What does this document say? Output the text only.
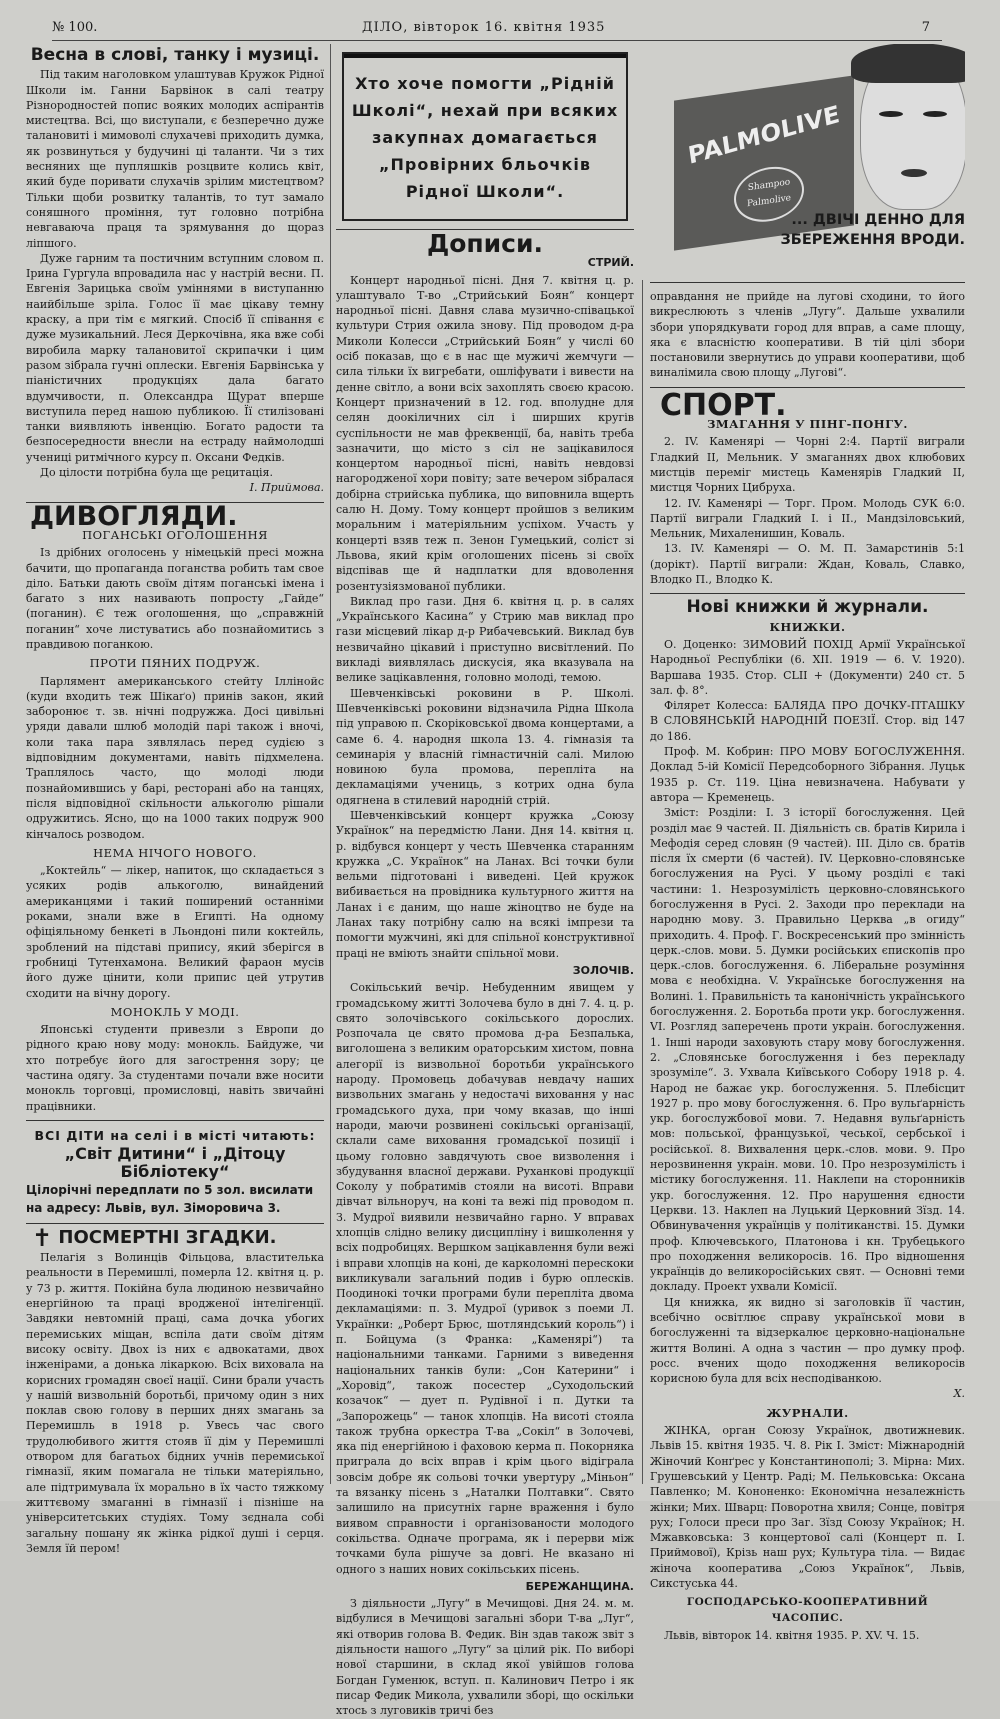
№ 100.	ДІЛО, вівторок 16. квітня 1935	7
Весна в слові, танку і музиці.

Під таким наголовком улаштував Кружок Рідної Школи ім. Ганни Барвінок в салі театру Різнородностей попис вояких молодих аспірантів мистецтва. Всі, що виступали, є безперечно дуже талановиті і мимоволі слухачеві приходить думка, як розвинуться у будучині ці таланти. Чи з тих весняних ще пупляшків розцвите колись квіт, який буде поривати слухачів зрілим мистецтвом? Тільки щоби розвитку талантів, то тут замало соняшного проміння, тут головно потрібна невгаваюча праця та зрямування до щораз ліпшого.

Дуже гарним та постичним вступним словом п. Ірина Гургула впровадила нас у настрій весни. П. Евгенія Зарицька своїм уміннями в виступанню наийбільше зріла. Голос її має цікаву темну краску, а при тім є мягкий. Спосіб її співання є дуже музикальний. Леся Деркочівна, яка вже собі виробила марку талановитої скрипачки і цим разом зібрала гучні оплески. Евгенія Барвінська у піаністичних продукціях дала багато вдумчивости, п. Олександра Щурат вперше виступила перед нашою публикою. Її стилізовані танки виявляють інвенцію. Богато радости та безпосередности внесли на естраду наймолодші учениці ритмічного курсу п. Оксани Федків.

До цілости потрібна була ще рецитація.

І. Приймова.
ДИВОГЛЯДИ.
ПОГАНСЬКІ ОГОЛОШЕННЯ

Із дрібних оголосень у німецькій пресі можна бачити, що пропаганда поганства робить там свое діло. Батьки дають своїм дітям поганські імена і багато з них називають попросту „Гайде“ (поганин). Є теж оголошення, що „справжній поганин“ хоче листуватись або познайомитись з правдивою поганкою.

ПРОТИ ПЯНИХ ПОДРУЖ.

Парлямент американського стейту Іллінойс (куди входить теж Шікаґо) принів закон, який заборонює т. зв. нічні подружжа. Досі цивільні уряди давали шлюб молодій парі також і вночі, коли така пара зявлялась перед судією з відповідним документами, навіть підхмелена. Траплялось часто, що молоді люди познайомившись у барі, ресторані або на танцях, після відповідної скільности алькоголю рішали одружитись. Ясно, що на 1000 таких подруж 900 кінчалось розводом.

НЕМА НІЧОГО НОВОГО.

„Коктейль“ — лікер, напиток, що складається з усяких родів алькоголю, винайдений американцями і такий поширений останніми роками, знали вже в Египті. На одному офіціяльному бенкеті в Льондоні пили коктейль, зроблений на підставі припису, який зберігся в гробниці Тутенхамона. Великий фараон мусів його дуже цінити, коли припис цей утрутив сходити на вічну дорогу.

МОНОКЛЬ У МОДІ.

Японські студенти привезли з Европи до рідного краю нову моду: монокль. Байдуже, чи хто потребує його для загострення зору; це частина одягу. За студентами почали вже носити монокль торговці, промисловці, навіть звичайні працівники.

ВСІ ДІТИ на селі і в місті читають:
„Світ Дитини“ і „Дітоцу Бібліотеку“
Цілорічні передплати по 5 зол. висилати
на адресу: Львів, вул. Зіморовича 3.
✝ ПОСМЕРТНІ ЗГАДКИ.

Пелагія з Волинців Фільцова, властителька реальности в Перемишлі, померла 12. квітня ц. р. у 73 р. життя. Покійна була людиною незвичайно енергійною та праці вродженої інтелігенції. Завдяки невтомній праці, сама дочка убогих перемиських міщан, вспіла дати своїм дітям високу освіту. Двох із них є адвокатами, двох інженірами, а донька лікаркою. Всіх виховала на корисних громадян своєї нації. Сини брали участь у нашій визвольній боротьбі, причому один з них поклав свою голову в перших днях змагань за Перемишль в 1918 р. Увесь час свого трудолюбивого життя стояв її дім у Перемишлі отвором для багатьох бідних учнів перемиської гімназії, яким помагала не тільки матеріяльно, але підтримувала їх морально в їх часто тяжкому життєвому змаганні в гімназії і пізніше на університетських студіях. Тому зєднала собі загальну пошану як жінка рідкої душі і серця. Земля їй пером!

Хто хоче помогти „Рідній
Школі“, нехай при всяких
закупнах домагається
„Провірних бльочків
Рідної Школи“.
Дописи.
СТРИЙ.

Концерт народньої пісні. Дня 7. квітня ц. р. улаштувало Т-во „Стрийський Боян“ концерт народньої пісні. Давня слава музично-співацької культури Стрия ожила знову. Під проводом д-ра Миколи Колесси „Стрийський Боян“ у числі 60 осіб показав, що є в нас ще мужичі жемчуги — сила тільки їх вигребати, ошліфувати і вивести на денне світло, а вони всіх захоплять своєю красою. Концерт призначений в 12. год. вполудне для селян доокіличних сіл і ширших кругів суспільности не мав фреквенції, ба, навіть треба зазначити, що місто з сіл не зацікавилося концертом народньої пісні, навіть невдовзі нагородженої хори повіту; зате вечером зібралася добірна стрийська публика, що виповнила вщерть салю Н. Дому. Тому концерт пройшов з великим моральним і матеріяльним успіхом. Участь у концерті взяв теж п. Зенон Гумецький, соліст зі Львова, який крім оголошених пісень зі своїх відспівав ще й надплатки для вдоволення розентузіязмованої публики.

Виклад про гази. Дня 6. квітня ц. р. в салях „Українського Касина“ у Стрию мав виклад про гази місцевий лікар д-р Рибачевський. Виклад був незвичайно цікавий і приступно висвітлений. По викладі виявлялась дискусія, яка вказувала на велике зацікавлення, головно молоді, темою.

Шевченківські роковини в Р. Школі. Шевченківські роковини відзначила Рідна Школа під управою п. Скоріковської двома концертами, а саме 6. 4. народня школа 13. 4. гімназія та семинарія у власній гімнастичній салі. Милою новиною була промова, перепліта на декламаціями учениць, з котрих одна була одягнена в стилевий народній стрій.

Шевченківський концерт кружка „Союзу Українок“ на передмістю Лани. Дня 14. квітня ц. р. відбувся концерт у честь Шевченка старанням кружка „С. Українок“ на Ланах. Всі точки були вельми підготовані і виведені. Цей кружок вибивається на провідника культурного життя на Ланах і є даним, що наше жіноцтво не буде на Ланах таку потрібну салю на всякі імпрези та помогти мужчині, які для спільної конструктивної праці не вміють знайти спільної мови.

ЗОЛОЧІВ.

Сокільський вечір. Небуденним явищем у громадському житті Золочева було в дні 7. 4. ц. р. свято золочівського сокільського дорослих. Розпочала це свято промова д-ра Безпалька, виголошена з великим ораторським хистом, повна алегорії із визвольної боротьби українського народу. Промовець добачував невдачу наших визвольних змагань у недостачі виховання у нас громадського духа, при чому вказав, що інші народи, маючи розвинені сокільські організації, склали саме виховання громадської позиції і цьому головно завдячують свое визволення і збудування власної держави. Руханкові продукції Соколу у побратимів стояли на висоті. Вправи дівчат вільноруч, на коні та вежі під проводом п. З. Мудрої виявили незвичайно гарно. У вправах хлопців слідно велику дисципліну і вишколення у всіх подробицях. Вершком зацікавлення були вежі і вправи хлопців на коні, де карколомні перескоки викликували загальний подив і бурю оплесків. Поодинокі точки програми були перепліта двома декламаціями: п. З. Мудрої (уривок з поеми Л. Українки: „Роберт Брюс, шотляндський король“) і п. Бойцума (з Франка: „Каменярі“) та національними танками. Гарними з виведення національних танків були: „Сон Катерини“ і „Хоровід“, також посестер „Суходольский козачок“ — дует п. Рудівної і п. Дутки та „Запорожець“ — танок хлопців. На висоті стояла також трубна оркестра Т-ва „Сокіл“ в Золочеві, яка під енергійною і фаховою керма п. Покорняка приграла до всіх вправ і крім цього відіграла зовсім добре як сольові точки увертуру „Міньон“ та вязанку пісень з „Наталки Полтавки“. Свято залишило на присутніх гарне враження і було виявом справности і організованости молодого сокільства. Одначе програма, як і перерви між точками була рішуче за довгі. Не вказано ні одного з наших нових сокільських пісень.

БЕРЕЖАНЩИНА.

З діяльности „Лугу“ в Мечищові. Дня 24. м. м. відбулися в Мечищові загальні збори Т-ва „Луг“, які отворив голова В. Федик. Він здав також звіт з діяльности нашого „Лугу“ за цілий рік. По виборі нової старшини, в склад якої увійшов голова Богдан Гуменюк, вступ. п. Калинович Петро і як писар Федик Микола, ухвалили зборі, що оскільки хтось з луговиків тричі без

PALMOLIVE
Shampoo Palmolive
... ДВІЧІ ДЕННО ДЛЯ
ЗБЕРЕЖЕННЯ ВРОДИ.

оправдання не прийде на лугові сходини, то його викреслюють з членів „Лугу“. Дальше ухвалили збори упорядкувати город для вправ, а саме площу, яка є власністю кооперативи. В тій цілі збори постановили звернутись до управи кооперативи, щоб виналімила свою площу „Лугові“.

СПОРТ.
ЗМАГАННЯ У ПІНГ-ПОНГУ.

2. IV. Каменярі — Чорні 2:4. Партії виграли Гладкий II, Мельник. У змаганнях двох клюбових мистців переміг мистець Каменярів Гладкий II, мистця Чорних Цибруха.

12. IV. Каменярі — Торг. Пром. Молодь СУК 6:0. Партії виграли Гладкий I. і II., Мандзіловський, Мельник, Михаленишин, Коваль.

13. IV. Каменярі — О. М. П. Замарстинів 5:1 (дорікт). Партії виграли: Ждан, Коваль, Славко, Влодко П., Влодко К.

Нові книжки й журнали.
КНИЖКИ.

О. Доценко: ЗИМОВИЙ ПОХІД Армії Української Народньої Республіки (6. XII. 1919 — 6. V. 1920). Варшава 1935. Стор. CLII + (Документи) 240 ст. 5 зал. ф. 8°.

Філярет Колесса: БАЛЯДА ПРО ДОЧКУ-ПТАШКУ В СЛОВЯНСЬКІЙ НАРОДНІЙ ПОЕЗІЇ. Стор. від 147 до 186.

Проф. М. Кобрин: ПРО МОВУ БОГОСЛУЖЕННЯ. Доклад 5-ій Комісії Передсоборного Зібрання. Луцьк 1935 р. Ст. 119. Ціна невизначена. Набувати у автора — Кременець.

Зміст: Розділи: I. З історії богослуження. Цей розділ має 9 частей. II. Діяльність св. братів Кирила і Мефодія серед словян (9 частей). III. Діло св. братів після їх смерти (6 частей). IV. Церковно-словянське богослужения на Русі. У цьому розділі є такі частини: 1. Незрозумілість церковно-словянського богослуження в Русі. 2. Заходи про переклади на народню мову. 3. Правильно Церква „в огиду“ приходить. 4. Проф. Г. Воскресенський про змінність церк.-слов. мови. 5. Думки російських єпископів про церк.-слов. богослуження. 6. Ліберальне розуміння мова є необхідна. V. Українське богослуження на Волині. 1. Правильність та канонічність українського богослуження. 2. Боротьба проти укр. богослуження. VI. Розгляд заперечень проти украін. богослуження. 1. Інші народи заховують стару мову богослуження. 2. „Словянське богослуження і без перекладу зрозуміле“. 3. Ухвала Київського Собору 1918 р. 4. Народ не бажає укр. богослуження. 5. Плебісцит 1927 р. про мову богослуження. 6. Про вульґарність укр. богослужбової мови. 7. Недавня вульґарність мов: польської, французької, чеської, сербської і російської. 8. Вихвалення церк.-слов. мови. 9. Про нерозвинення украін. мови. 10. Про незрозумілість і містику богослуження. 11. Наклепи на сторонників укр. богослуження. 12. Про нарушення єдности Церкви. 13. Наклеп на Луцький Церковний Зїзд. 14. Обвинувачення українців у політиканстві. 15. Думки проф. Ключевського, Платонова і кн. Трубецького про походження великоросів. 16. Про відношення українців до великоросійських свят. — Основні теми докладу. Проект ухвали Комісії.

Ця книжка, як видно зі заголовків її частин, всебічно освітлює справу української мови в богослуженні та відзеркалює церковно-національне життя Волині. А одна з частин — про думку проф. росс. вчених щодо походження великоросів корисною була для всіх несподіванкою.

X.
ЖУРНАЛИ.

ЖІНКА, орган Союзу Українок, двотижневик. Львів 15. квітня 1935. Ч. 8. Рік I. Зміст: Міжнародній Жіночий Конґрес у Константинополі; З. Мірна: Мих. Грушевський у Центр. Раді; М. Пельковська: Оксана Павленко; М. Кононенко: Економічна незалежність жінки; Мих. Шварц: Поворотна хвиля; Сонце, повітря рух; Голоси преси про Заг. Зїзд Союзу Українок; Н. Мжавковська: З концертової салі (Концерт п. І. Приймової), Крізь наш рух; Культура тіла. — Видає жіноча кооператива „Союз Українок“, Львів, Сикстуська 44.

ГОСПОДАРСЬКО-КООПЕРАТИВНИЙ ЧАСОПИС.

Львів, вівторок 14. квітня 1935. Р. XV. Ч. 15.
